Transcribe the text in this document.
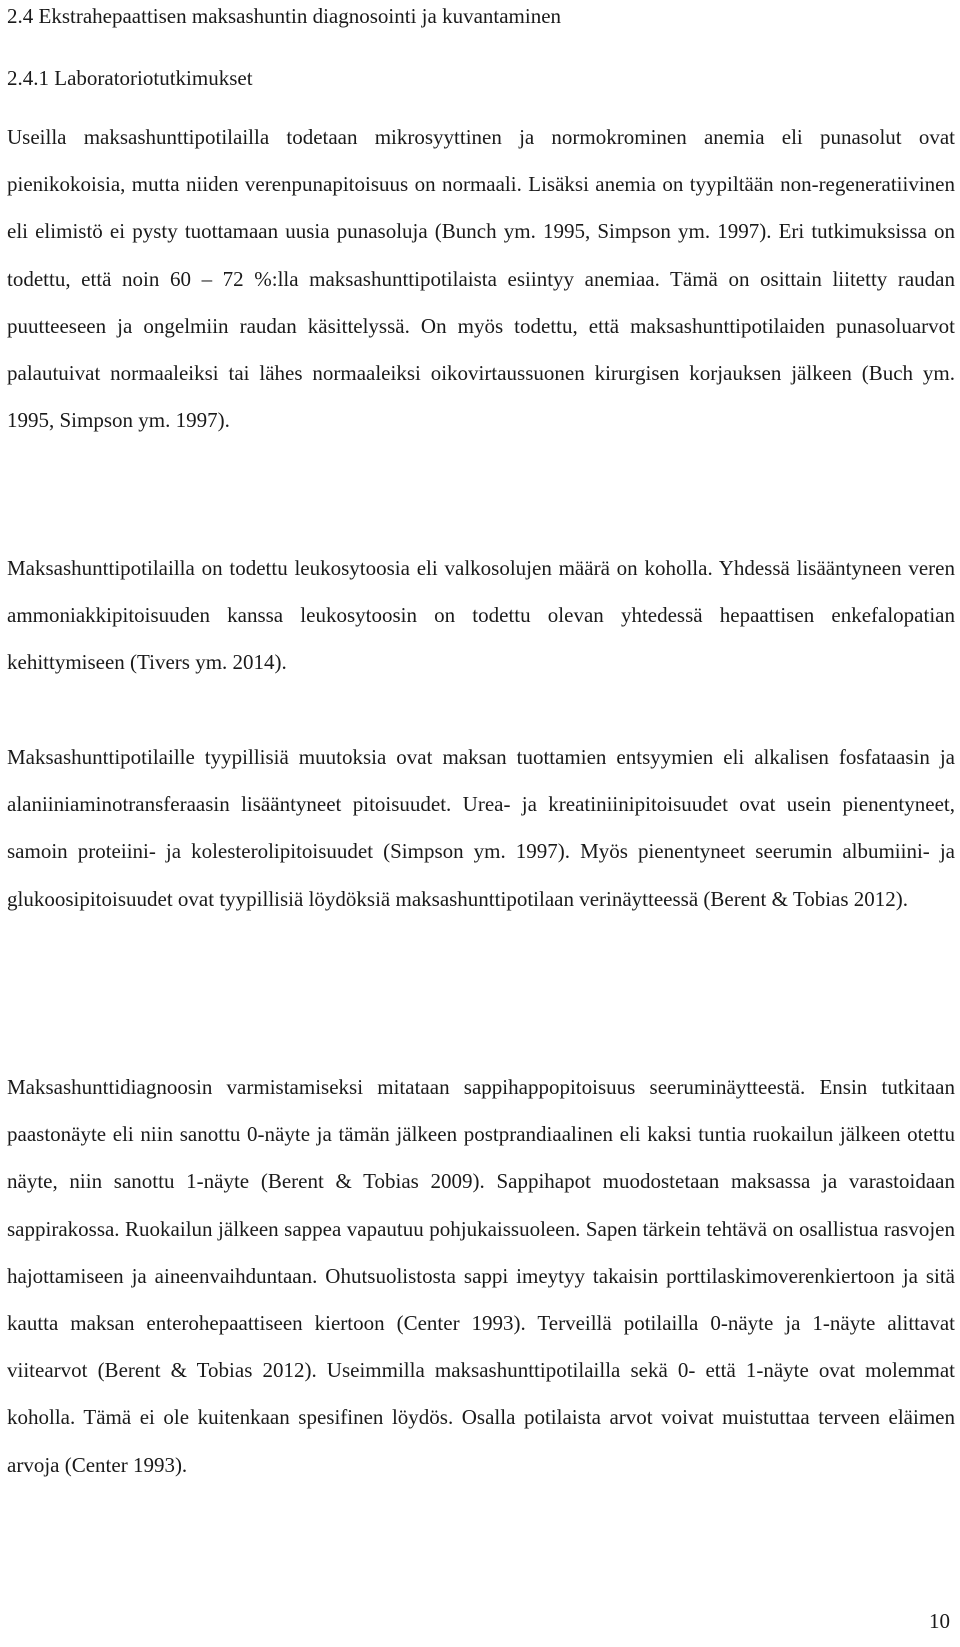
2.4 Ekstrahepaattisen maksashuntin diagnosointi ja kuvantaminen
2.4.1 Laboratoriotutkimukset

Useilla maksashunttipotilailla todetaan mikrosyyttinen ja normokrominen anemia eli punasolut ovat pienikokoisia, mutta niiden verenpunapitoisuus on normaali. Lisäksi anemia on tyypiltään non-regeneratiivinen eli elimistö ei pysty tuottamaan uusia punasoluja (Bunch ym. 1995, Simpson ym. 1997). Eri tutkimuksissa on todettu, että noin 60 – 72 %:lla maksashunttipotilaista esiintyy anemiaa. Tämä on osittain liitetty raudan puutteeseen ja ongelmiin raudan käsittelyssä. On myös todettu, että maksashunttipotilaiden punasoluarvot palautuivat normaaleiksi tai lähes normaaleiksi oikovirtaussuonen kirurgisen korjauksen jälkeen (Buch ym. 1995, Simpson ym. 1997).

Maksashunttipotilailla on todettu leukosytoosia eli valkosolujen määrä on koholla. Yhdessä lisääntyneen veren ammoniakkipitoisuuden kanssa leukosytoosin on todettu olevan yhtedessä hepaattisen enkefalopatian kehittymiseen (Tivers ym. 2014).

Maksashunttipotilaille tyypillisiä muutoksia ovat maksan tuottamien entsyymien eli alkalisen fosfataasin ja alaniiniaminotransferaasin lisääntyneet pitoisuudet. Urea- ja kreatiniinipitoisuudet ovat usein pienentyneet, samoin proteiini- ja kolesterolipitoisuudet (Simpson ym. 1997). Myös pienentyneet seerumin albumiini- ja glukoosipitoisuudet ovat tyypillisiä löydöksiä maksashunttipotilaan verinäytteessä (Berent & Tobias 2012).

Maksashunttidiagnoosin varmistamiseksi mitataan sappihappopitoisuus seeruminäytteestä. Ensin tutkitaan paastonäyte eli niin sanottu 0-näyte ja tämän jälkeen postprandiaalinen eli kaksi tuntia ruokailun jälkeen otettu näyte, niin sanottu 1-näyte (Berent & Tobias 2009). Sappihapot muodostetaan maksassa ja varastoidaan sappirakossa. Ruokailun jälkeen sappea vapautuu pohjukaissuoleen. Sapen tärkein tehtävä on osallistua rasvojen hajottamiseen ja aineenvaihduntaan. Ohutsuolistosta sappi imeytyy takaisin porttilaskimoverenkiertoon ja sitä kautta maksan enterohepaattiseen kiertoon (Center 1993). Terveillä potilailla 0-näyte ja 1-näyte alittavat viitearvot (Berent & Tobias 2012). Useimmilla maksashunttipotilailla sekä 0- että 1-näyte ovat molemmat koholla. Tämä ei ole kuitenkaan spesifinen löydös. Osalla potilaista arvot voivat muistuttaa terveen eläimen arvoja (Center 1993).

10
